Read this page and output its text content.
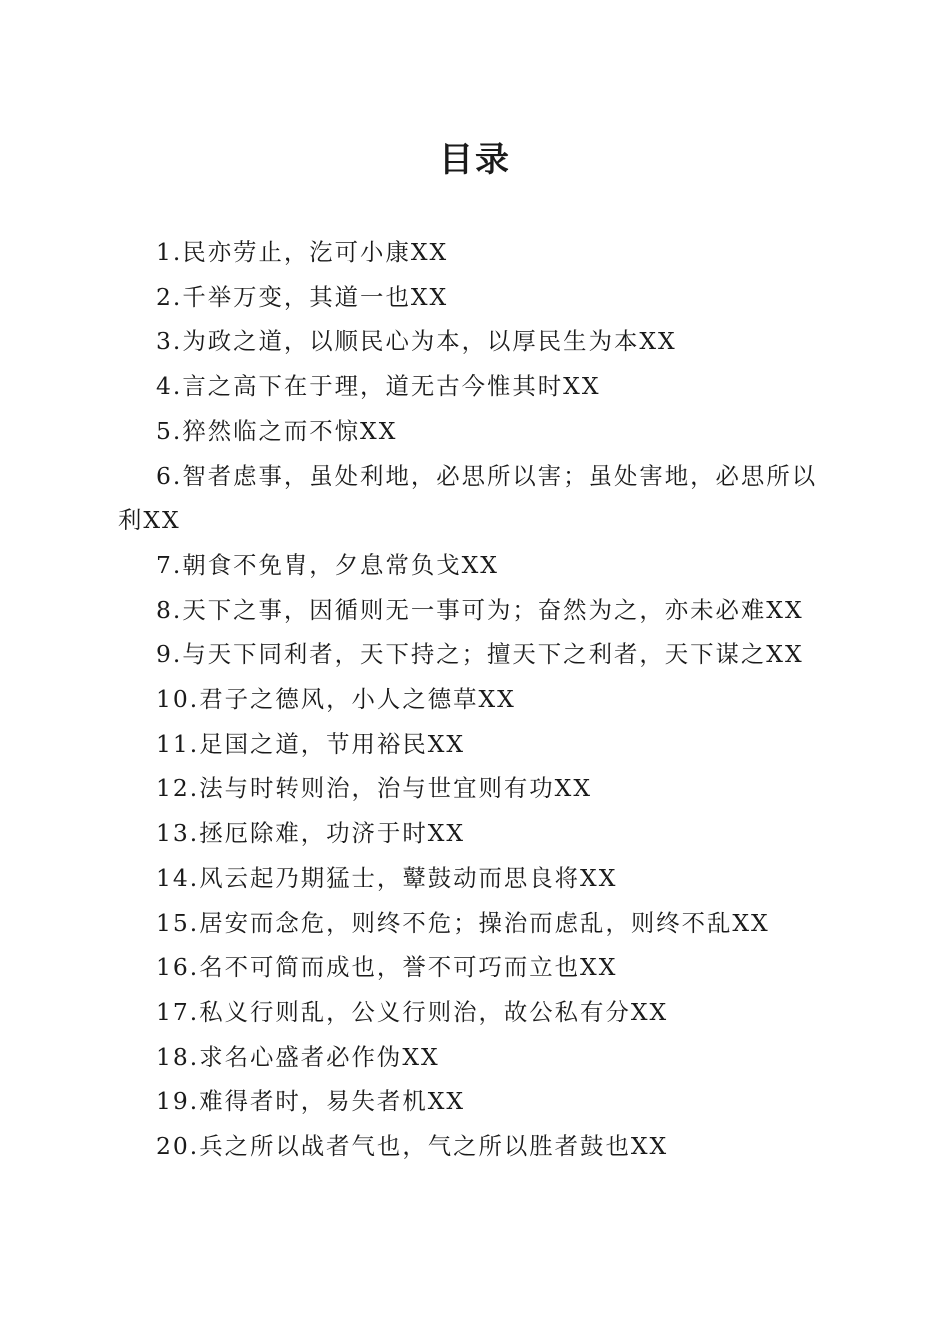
目录
1.民亦劳止，汔可小康XX
2.千举万变，其道一也XX
3.为政之道，以顺民心为本，以厚民生为本XX
4.言之高下在于理，道无古今惟其时XX
5.猝然临之而不惊XX
6.智者虑事，虽处利地，必思所以害；虽处害地，必思所以利XX
7.朝食不免胄，夕息常负戈XX
8.天下之事，因循则无一事可为；奋然为之，亦未必难XX
9.与天下同利者，天下持之；擅天下之利者，天下谋之XX
10.君子之德风，小人之德草XX
11.足国之道，节用裕民XX
12.法与时转则治，治与世宜则有功XX
13.拯厄除难，功济于时XX
14.风云起乃期猛士，鼙鼓动而思良将XX
15.居安而念危，则终不危；操治而虑乱，则终不乱XX
16.名不可简而成也，誉不可巧而立也XX
17.私义行则乱，公义行则治，故公私有分XX
18.求名心盛者必作伪XX
19.难得者时，易失者机XX
20.兵之所以战者气也，气之所以胜者鼓也XX
